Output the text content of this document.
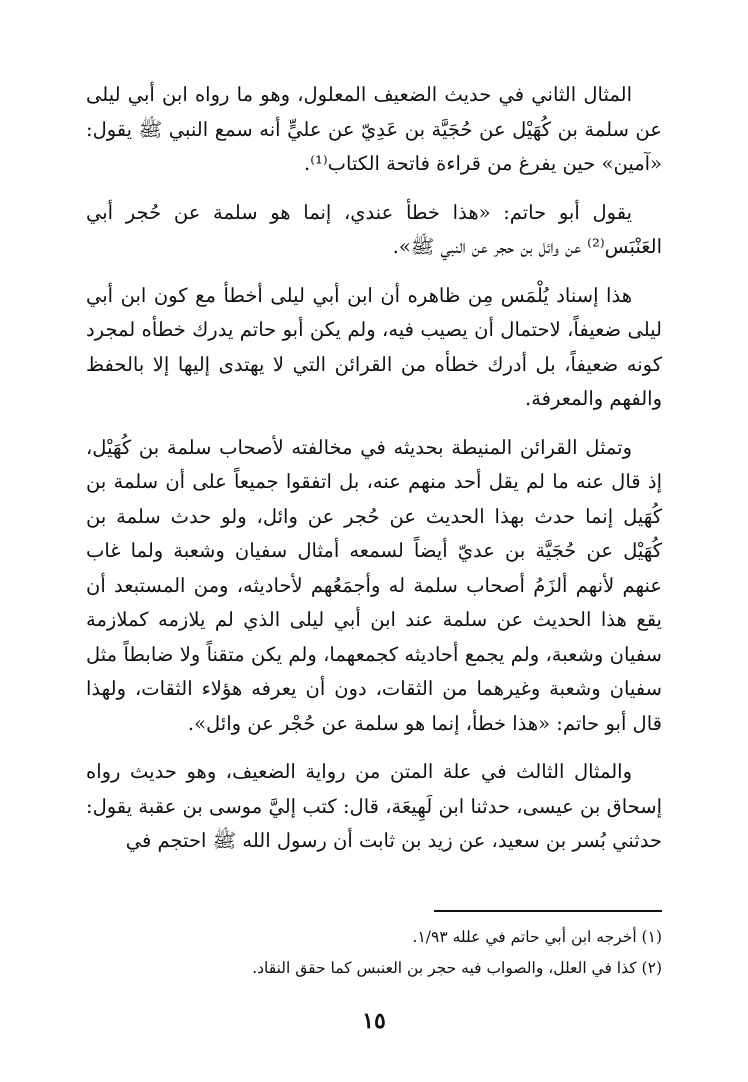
المثال الثاني في حديث الضعيف المعلول، وهو ما رواه ابن أبي ليلى عن سلمة بن كُهَيْل عن حُجَيَّة بن عَدِيّ عن عليٍّ أنه سمع النبي ﷺ يقول: «آمين» حين يفرغ من قراءة فاتحة الكتاب⁽¹⁾.

يقول أبو حاتم: «هذا خطأ عندي، إنما هو سلمة عن حُجر أبي العَنْبَس⁽²⁾ عن وائل بن حجر عن النبي ﷺ».

هذا إسناد يُلْمَس مِن ظاهره أن ابن أبي ليلى أخطأ مع كون ابن أبي ليلى ضعيفاً، لاحتمال أن يصيب فيه، ولم يكن أبو حاتم يدرك خطأه لمجرد كونه ضعيفاً، بل أدرك خطأه من القرائن التي لا يهتدى إليها إلا بالحفظ والفهم والمعرفة.

وتمثل القرائن المنيطة بحديثه في مخالفته لأصحاب سلمة بن كُهَيْل، إذ قال عنه ما لم يقل أحد منهم عنه، بل اتفقوا جميعاً على أن سلمة بن كُهَيل إنما حدث بهذا الحديث عن حُجر عن وائل، ولو حدث سلمة بن كُهَيْل عن حُجَيَّة بن عديّ أيضاً لسمعه أمثال سفيان وشعبة ولما غاب عنهم لأنهم ألزَمُ أصحاب سلمة له وأجمَعُهم لأحاديثه، ومن المستبعد أن يقع هذا الحديث عن سلمة عند ابن أبي ليلى الذي لم يلازمه كملازمة سفيان وشعبة، ولم يجمع أحاديثه كجمعهما، ولم يكن متقناً ولا ضابطاً مثل سفيان وشعبة وغيرهما من الثقات، دون أن يعرفه هؤلاء الثقات، ولهذا قال أبو حاتم: «هذا خطأ، إنما هو سلمة عن حُجْر عن وائل».

والمثال الثالث في علة المتن من رواية الضعيف، وهو حديث رواه إسحاق بن عيسى، حدثنا ابن لَهِيعَة، قال: كتب إليَّ موسى بن عقبة يقول: حدثني بُسر بن سعيد، عن زيد بن ثابت أن رسول الله ﷺ احتجم في

(١) أخرجه ابن أبي حاتم في علله ١/٩٣.

(٢) كذا في العلل، والصواب فيه حجر بن العنبس كما حقق النقاد.

١٥
